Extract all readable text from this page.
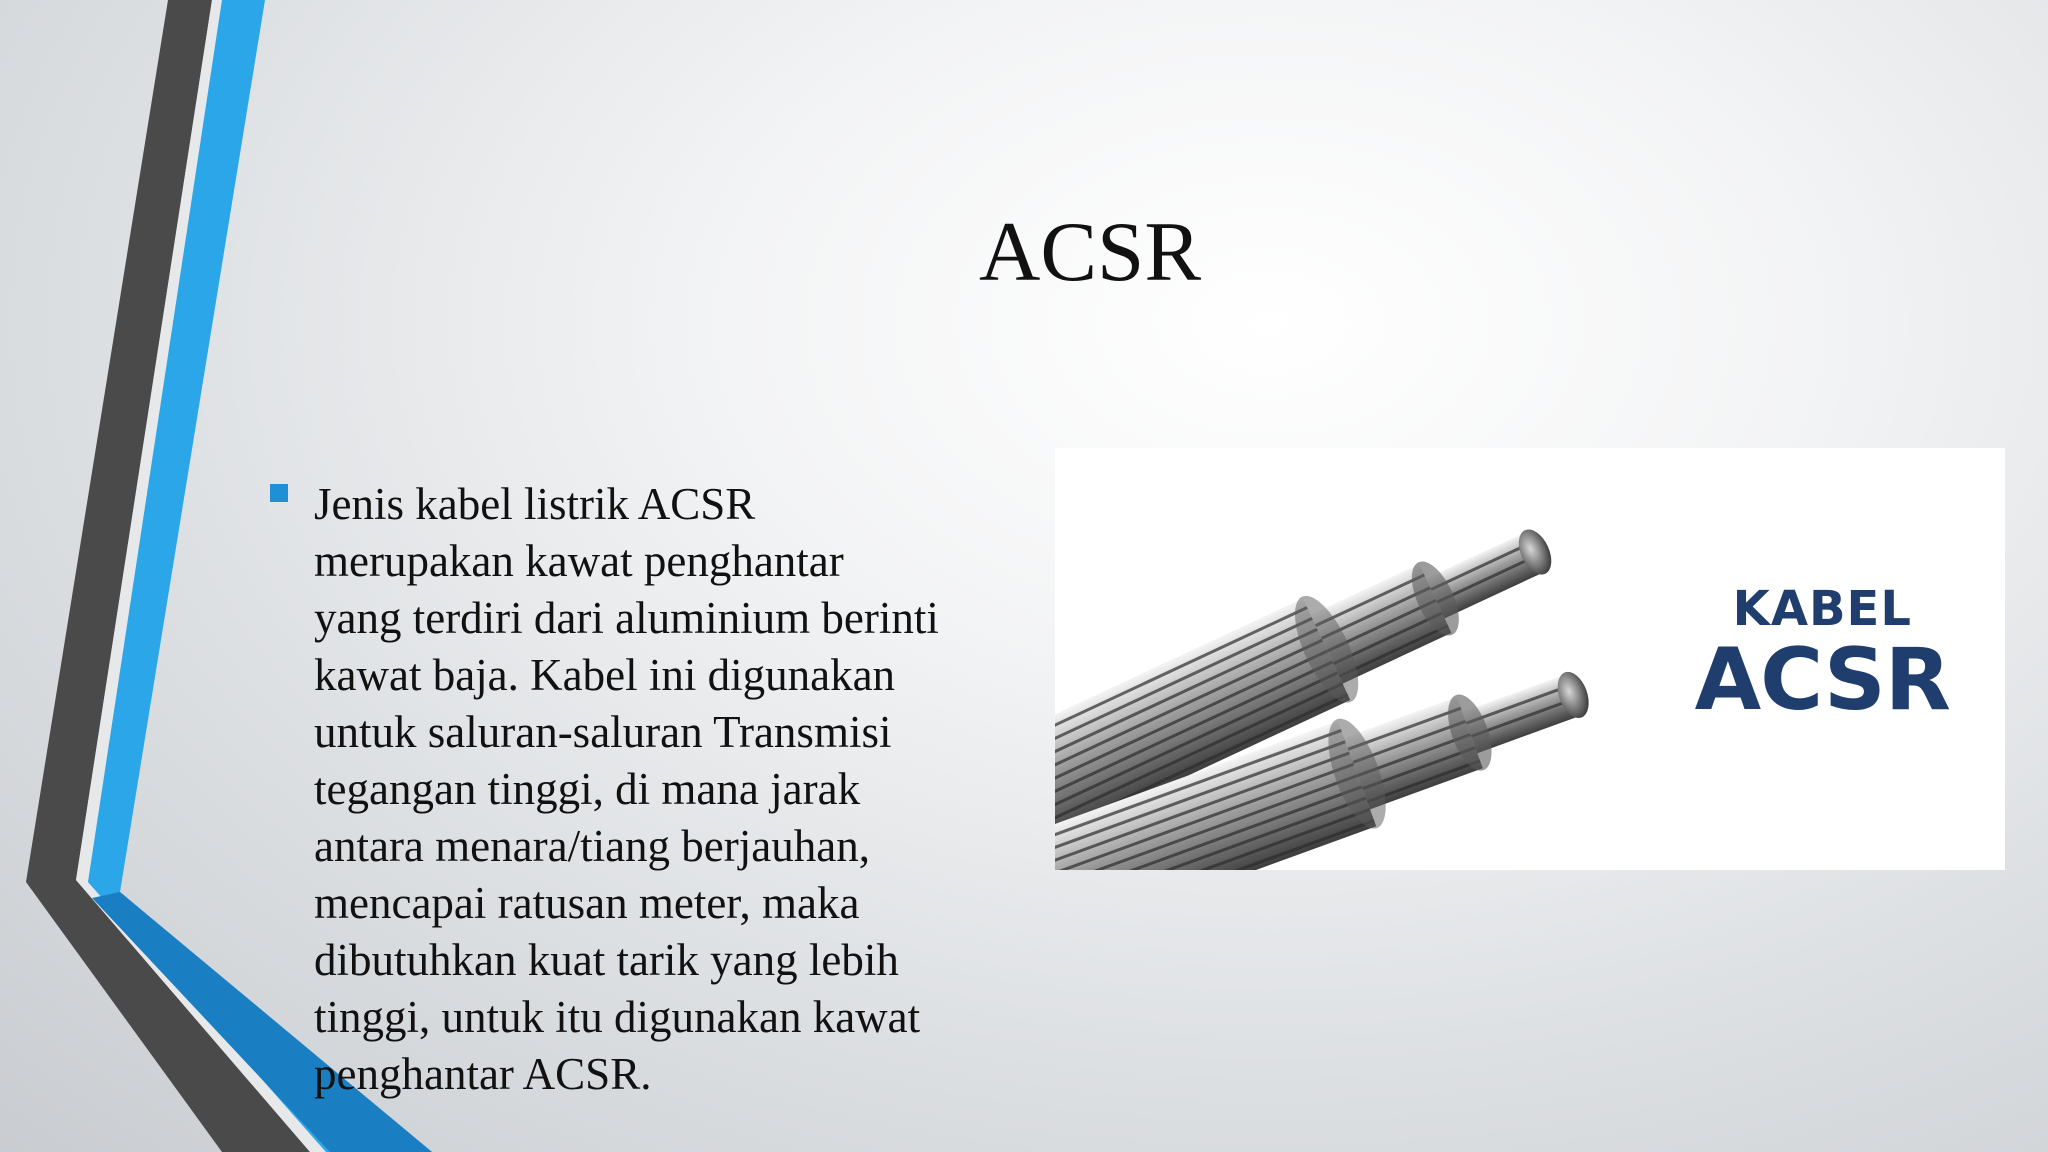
ACSR
Jenis kabel listrik ACSR
merupakan kawat penghantar
yang terdiri dari aluminium berinti
kawat baja. Kabel ini digunakan
untuk saluran-saluran Transmisi
tegangan tinggi, di mana jarak
antara menara/tiang berjauhan,
mencapai ratusan meter, maka
dibutuhkan kuat tarik yang lebih
tinggi, untuk itu digunakan kawat
penghantar ACSR.
KABEL
ACSR
